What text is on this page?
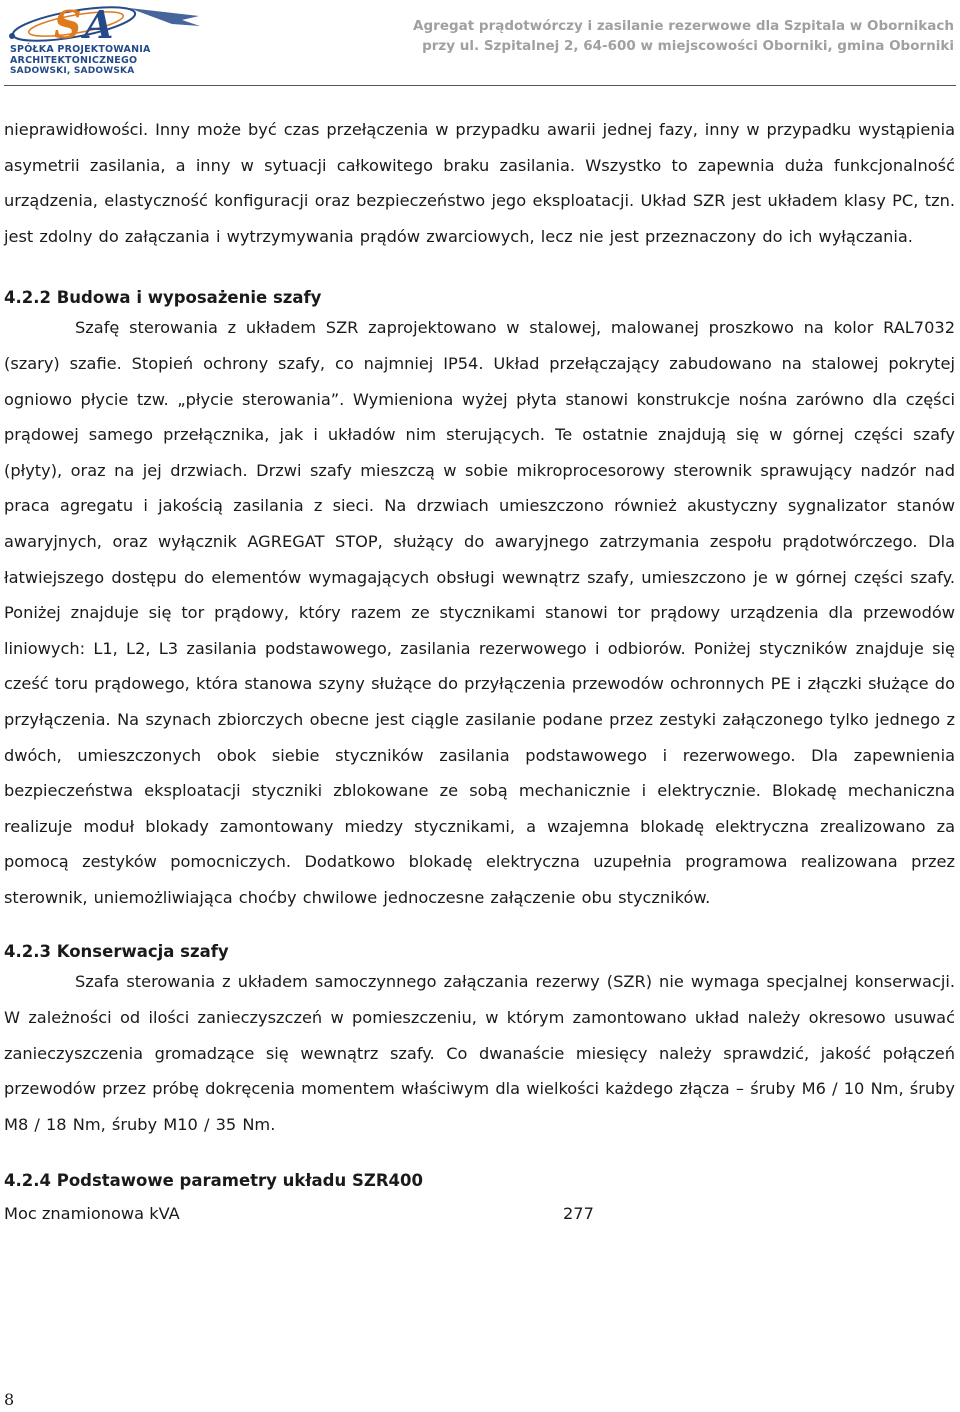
S A
SPÓŁKA PROJEKTOWANIA ARCHITEKTONICZNEGO
SADOWSKI, SADOWSKA
Agregat prądotwórczy i zasilanie rezerwowe dla Szpitala w Obornikach
przy ul. Szpitalnej 2, 64-600 w miejscowości Oborniki, gmina Oborniki

nieprawidłowości. Inny może być czas przełączenia w przypadku awarii jednej fazy, inny w przypadku wystąpienia asymetrii zasilania, a inny w sytuacji całkowitego braku zasilania. Wszystko to zapewnia duża funkcjonalność urządzenia, elastyczność konfiguracji oraz bezpieczeństwo jego eksploatacji. Układ SZR jest układem klasy PC, tzn. jest zdolny do załączania i wytrzymywania prądów zwarciowych, lecz nie jest przeznaczony do ich wyłączania.

4.2.2 Budowa i wyposażenie szafy

Szafę sterowania z układem SZR zaprojektowano w stalowej, malowanej proszkowo na kolor RAL7032 (szary) szafie. Stopień ochrony szafy, co najmniej IP54. Układ przełączający zabudowano na stalowej pokrytej ogniowo płycie tzw. „płycie sterowania”. Wymieniona wyżej płyta stanowi konstrukcje nośna zarówno dla części prądowej samego przełącznika, jak i układów nim sterujących. Te ostatnie znajdują się w górnej części szafy (płyty), oraz na jej drzwiach. Drzwi szafy mieszczą w sobie mikroprocesorowy sterownik sprawujący nadzór nad praca agregatu i jakością zasilania z sieci. Na drzwiach umieszczono również akustyczny sygnalizator stanów awaryjnych, oraz wyłącznik AGREGAT STOP, służący do awaryjnego zatrzymania zespołu prądotwórczego. Dla łatwiejszego dostępu do elementów wymagających obsługi wewnątrz szafy, umieszczono je w górnej części szafy. Poniżej znajduje się tor prądowy, który razem ze stycznikami stanowi tor prądowy urządzenia dla przewodów liniowych: L1, L2, L3 zasilania podstawowego, zasilania rezerwowego i odbiorów. Poniżej styczników znajduje się cześć toru prądowego, która stanowa szyny służące do przyłączenia przewodów ochronnych PE i złączki służące do przyłączenia. Na szynach zbiorczych obecne jest ciągle zasilanie podane przez zestyki załączonego tylko jednego z dwóch, umieszczonych obok siebie styczników zasilania podstawowego i rezerwowego. Dla zapewnienia bezpieczeństwa eksploatacji styczniki zblokowane ze sobą mechanicznie i elektrycznie. Blokadę mechaniczna realizuje moduł blokady zamontowany miedzy stycznikami, a wzajemna blokadę elektryczna zrealizowano za pomocą zestyków pomocniczych. Dodatkowo blokadę elektryczna uzupełnia programowa realizowana przez sterownik, uniemożliwiająca choćby chwilowe jednoczesne załączenie obu styczników.

4.2.3 Konserwacja szafy

Szafa sterowania z układem samoczynnego załączania rezerwy (SZR) nie wymaga specjalnej konserwacji. W zależności od ilości zanieczyszczeń w pomieszczeniu, w którym zamontowano układ należy okresowo usuwać zanieczyszczenia gromadzące się wewnątrz szafy. Co dwanaście miesięcy należy sprawdzić, jakość połączeń przewodów przez próbę dokręcenia momentem właściwym dla wielkości każdego złącza – śruby M6 / 10 Nm, śruby M8 / 18 Nm, śruby M10 / 35 Nm.

4.2.4 Podstawowe parametry układu SZR400
Moc znamionowa kVA	277
8
